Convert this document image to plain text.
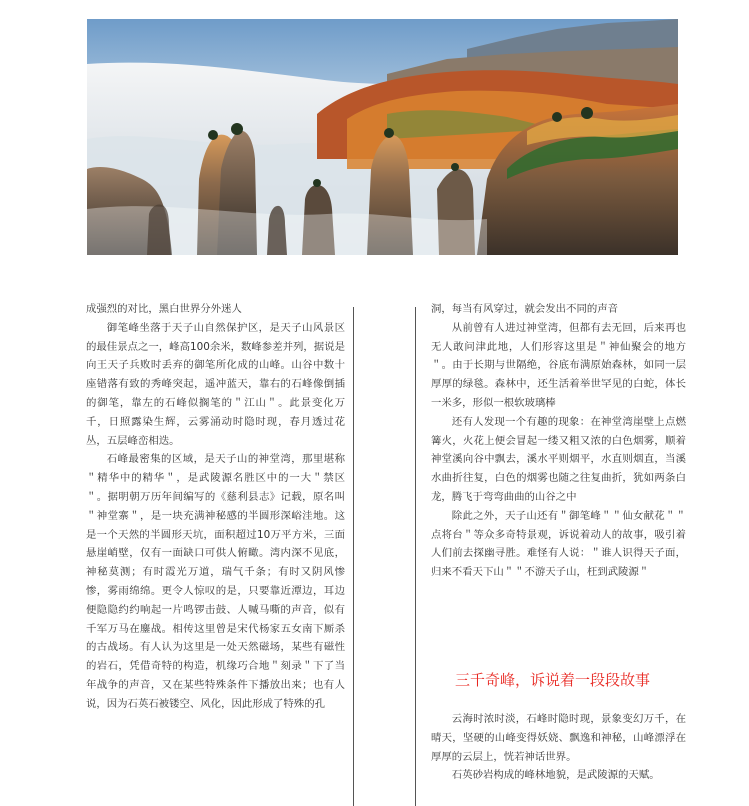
成强烈的对比，黑白世界分外迷人

御笔峰坐落于天子山自然保护区，是天子山风景区的最佳景点之一，峰高100余米，数峰参差并列，据说是向王天子兵败时丢弃的御笔所化成的山峰。山谷中数十座错落有致的秀峰突起，遥冲蓝天，靠右的石峰像倒插的御笔，靠左的石峰似搁笔的＂江山＂。此景变化万千，日照露染生辉，云雾涌动时隐时现，春月透过花丛，五层峰峦相迭。

石峰最密集的区域，是天子山的神堂湾，那里堪称＂精华中的精华＂，是武陵源名胜区中的一大＂禁区＂。据明朝万历年间编写的《慈利县志》记载，原名叫＂神堂寨＂，是一块充满神秘感的半圆形深峪洼地。这是一个天然的半圆形天坑，面积超过10万平方米，三面悬崖峭壁，仅有一面缺口可供人俯瞰。湾内深不见底，神秘莫测；有时霞光万道，瑞气千条；有时又阴风惨惨，雾雨绵绵。更令人惊叹的是，只要靠近潭边，耳边便隐隐约约响起一片鸣锣击鼓、人喊马嘶的声音，似有千军万马在鏖战。相传这里曾是宋代杨家五女南下厮杀的古战场。有人认为这里是一处天然磁场，某些有磁性的岩石，凭借奇特的构造，机缘巧合地＂刻录＂下了当年战争的声音，又在某些特殊条件下播放出来；也有人说，因为石英石被镂空、风化，因此形成了特殊的孔

洞，每当有风穿过，就会发出不同的声音

从前曾有人进过神堂湾，但都有去无回，后来再也无人敢问津此地，人们形容这里是＂神仙聚会的地方＂。由于长期与世隔绝，谷底布满原始森林，如同一层厚厚的绿毯。森林中，还生活着举世罕见的白蛇，体长一米多，形似一根软玻璃棒

还有人发现一个有趣的现象：在神堂湾崖壁上点燃篝火，火花上便会冒起一缕又粗又浓的白色烟雾，顺着神堂溪向谷中飘去，溪水平则烟平，水直则烟直，当溪水曲折往复，白色的烟雾也随之往复曲折，犹如两条白龙，腾飞于弯弯曲曲的山谷之中

除此之外，天子山还有＂御笔峰＂＂仙女献花＂＂点将台＂等众多奇特景观，诉说着动人的故事，吸引着人们前去探幽寻胜。难怪有人说：＂谁人识得天子面，归来不看天下山＂＂不游天子山，枉到武陵源＂

三千奇峰，诉说着一段段故事

云海时浓时淡，石峰时隐时现，景象变幻万千，在晴天，坚硬的山峰变得妖娆、飘逸和神秘，山峰漂浮在厚厚的云层上，恍若神话世界。

石英砂岩构成的峰林地貌，是武陵源的天赋。
